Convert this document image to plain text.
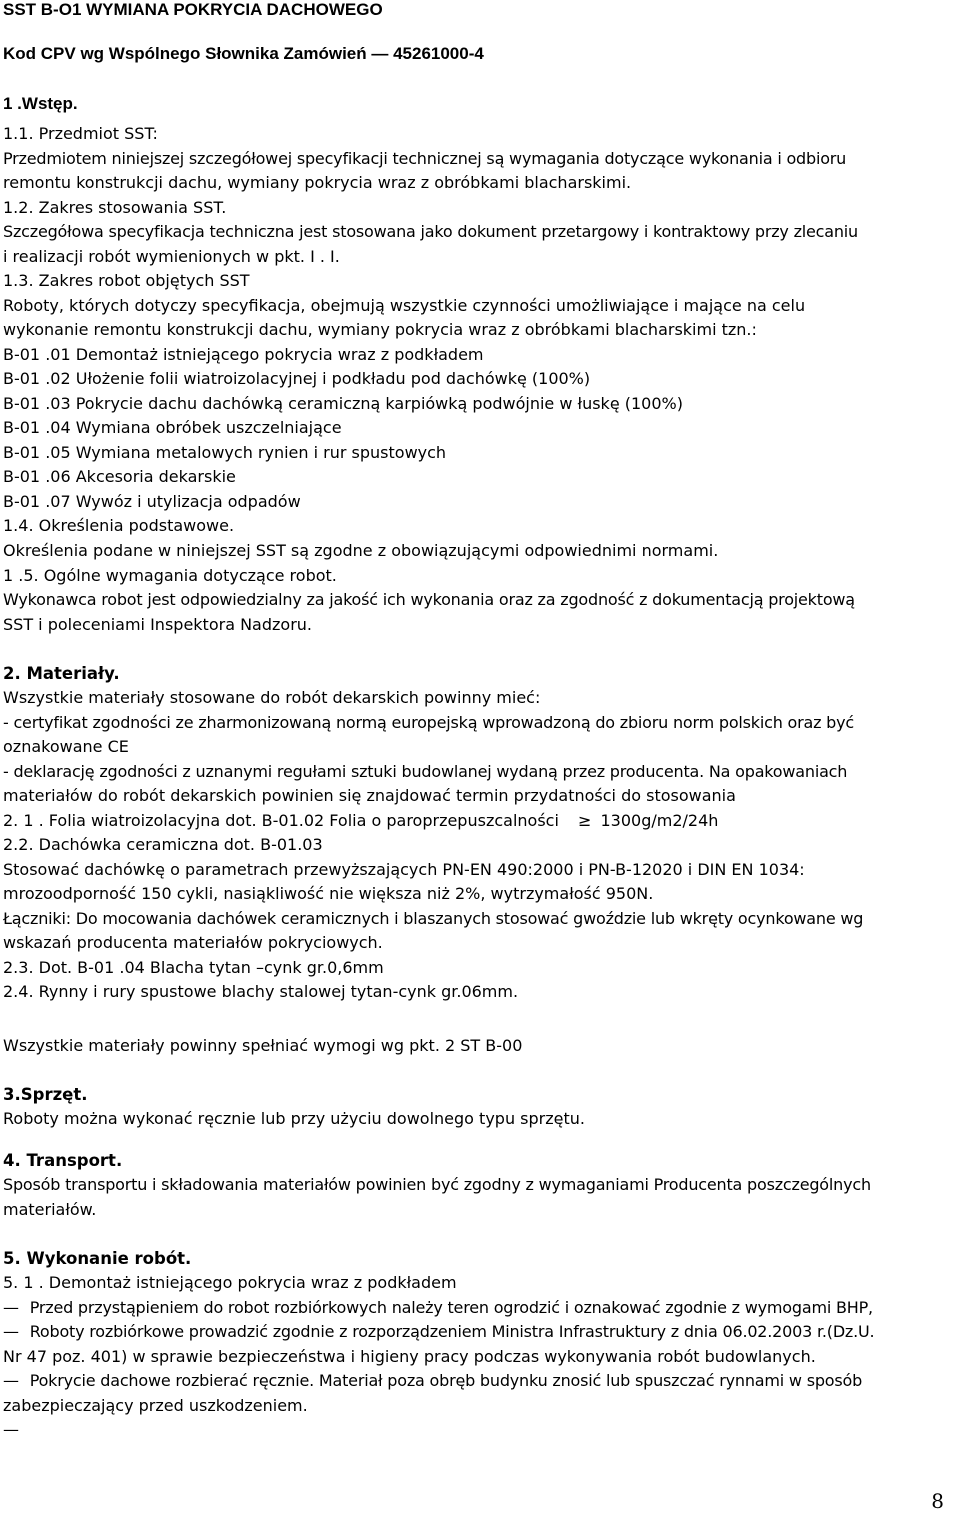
SST B-O1 WYMIANA POKRYCIA DACHOWEGO

Kod CPV wg Wspólnego Słownika Zamówień — 45261000-4

1 .Wstęp.

1.1. Przedmiot SST:

Przedmiotem niniejszej szczegółowej specyfikacji technicznej są wymagania dotyczące wykonania i odbioru

remontu konstrukcji dachu, wymiany pokrycia wraz z obróbkami blacharskimi.

1.2. Zakres stosowania SST.

Szczegółowa specyfikacja techniczna jest stosowana jako dokument przetargowy i kontraktowy przy zlecaniu

i realizacji robót wymienionych w pkt. I . I.

1.3. Zakres robot objętych SST

Roboty, których dotyczy specyfikacja, obejmują wszystkie czynności umożliwiające i mające na celu

wykonanie remontu konstrukcji dachu, wymiany pokrycia wraz z obróbkami blacharskimi tzn.:

B-01 .01 Demontaż istniejącego pokrycia wraz z podkładem

B-01 .02 Ułożenie folii wiatroizolacyjnej i podkładu pod dachówkę (100%)

B-01 .03 Pokrycie dachu dachówką ceramiczną karpiówką podwójnie w łuskę (100%)

B-01 .04 Wymiana obróbek uszczelniające

B-01 .05 Wymiana metalowych rynien i rur spustowych

B-01 .06 Akcesoria dekarskie

B-01 .07 Wywóz i utylizacja odpadów

1.4. Określenia podstawowe.

Określenia podane w niniejszej SST są zgodne z obowiązującymi odpowiednimi normami.

1 .5. Ogólne wymagania dotyczące robot.

Wykonawca robot jest odpowiedzialny za jakość ich wykonania oraz za zgodność z dokumentacją projektową

SST i poleceniami Inspektora Nadzoru.

2. Materiały.

Wszystkie materiały stosowane do robót dekarskich powinny mieć:

- certyfikat zgodności ze zharmonizowaną normą europejską wprowadzoną do zbioru norm polskich oraz być

oznakowane CE

- deklarację zgodności z uznanymi regułami sztuki budowlanej wydaną przez producenta. Na opakowaniach

materiałów do robót dekarskich powinien się znajdować termin przydatności do stosowania

2. 1 . Folia wiatroizolacyjna dot. B-01.02 Folia o paroprzepuszcalności ≥ 1300g/m2/24h

2.2. Dachówka ceramiczna dot. B-01.03

Stosować dachówkę o parametrach przewyższających PN-EN 490:2000 i PN-B-12020 i DIN EN 1034:

mrozoodporność 150 cykli, nasiąkliwość nie większa niż 2%, wytrzymałość 950N.

Łączniki: Do mocowania dachówek ceramicznych i blaszanych stosować gwoździe lub wkręty ocynkowane wg

wskazań producenta materiałów pokryciowych.

2.3. Dot. B-01 .04 Blacha tytan –cynk gr.0,6mm

2.4. Rynny i rury spustowe blachy stalowej tytan-cynk gr.06mm.

Wszystkie materiały powinny spełniać wymogi wg pkt. 2 ST B-00

3.Sprzęt.

Roboty można wykonać ręcznie lub przy użyciu dowolnego typu sprzętu.

4. Transport.

Sposób transportu i składowania materiałów powinien być zgodny z wymaganiami Producenta poszczególnych

materiałów.

5. Wykonanie robót.

5. 1 . Demontaż istniejącego pokrycia wraz z podkładem

— Przed przystąpieniem do robot rozbiórkowych należy teren ogrodzić i oznakować zgodnie z wymogami BHP,

— Roboty rozbiórkowe prowadzić zgodnie z rozporządzeniem Ministra Infrastruktury z dnia 06.02.2003 r.(Dz.U.

Nr 47 poz. 401) w sprawie bezpieczeństwa i higieny pracy podczas wykonywania robót budowlanych.

— Pokrycie dachowe rozbierać ręcznie. Materiał poza obręb budynku znosić lub spuszczać rynnami w sposób

zabezpieczający przed uszkodzeniem.

—

8
